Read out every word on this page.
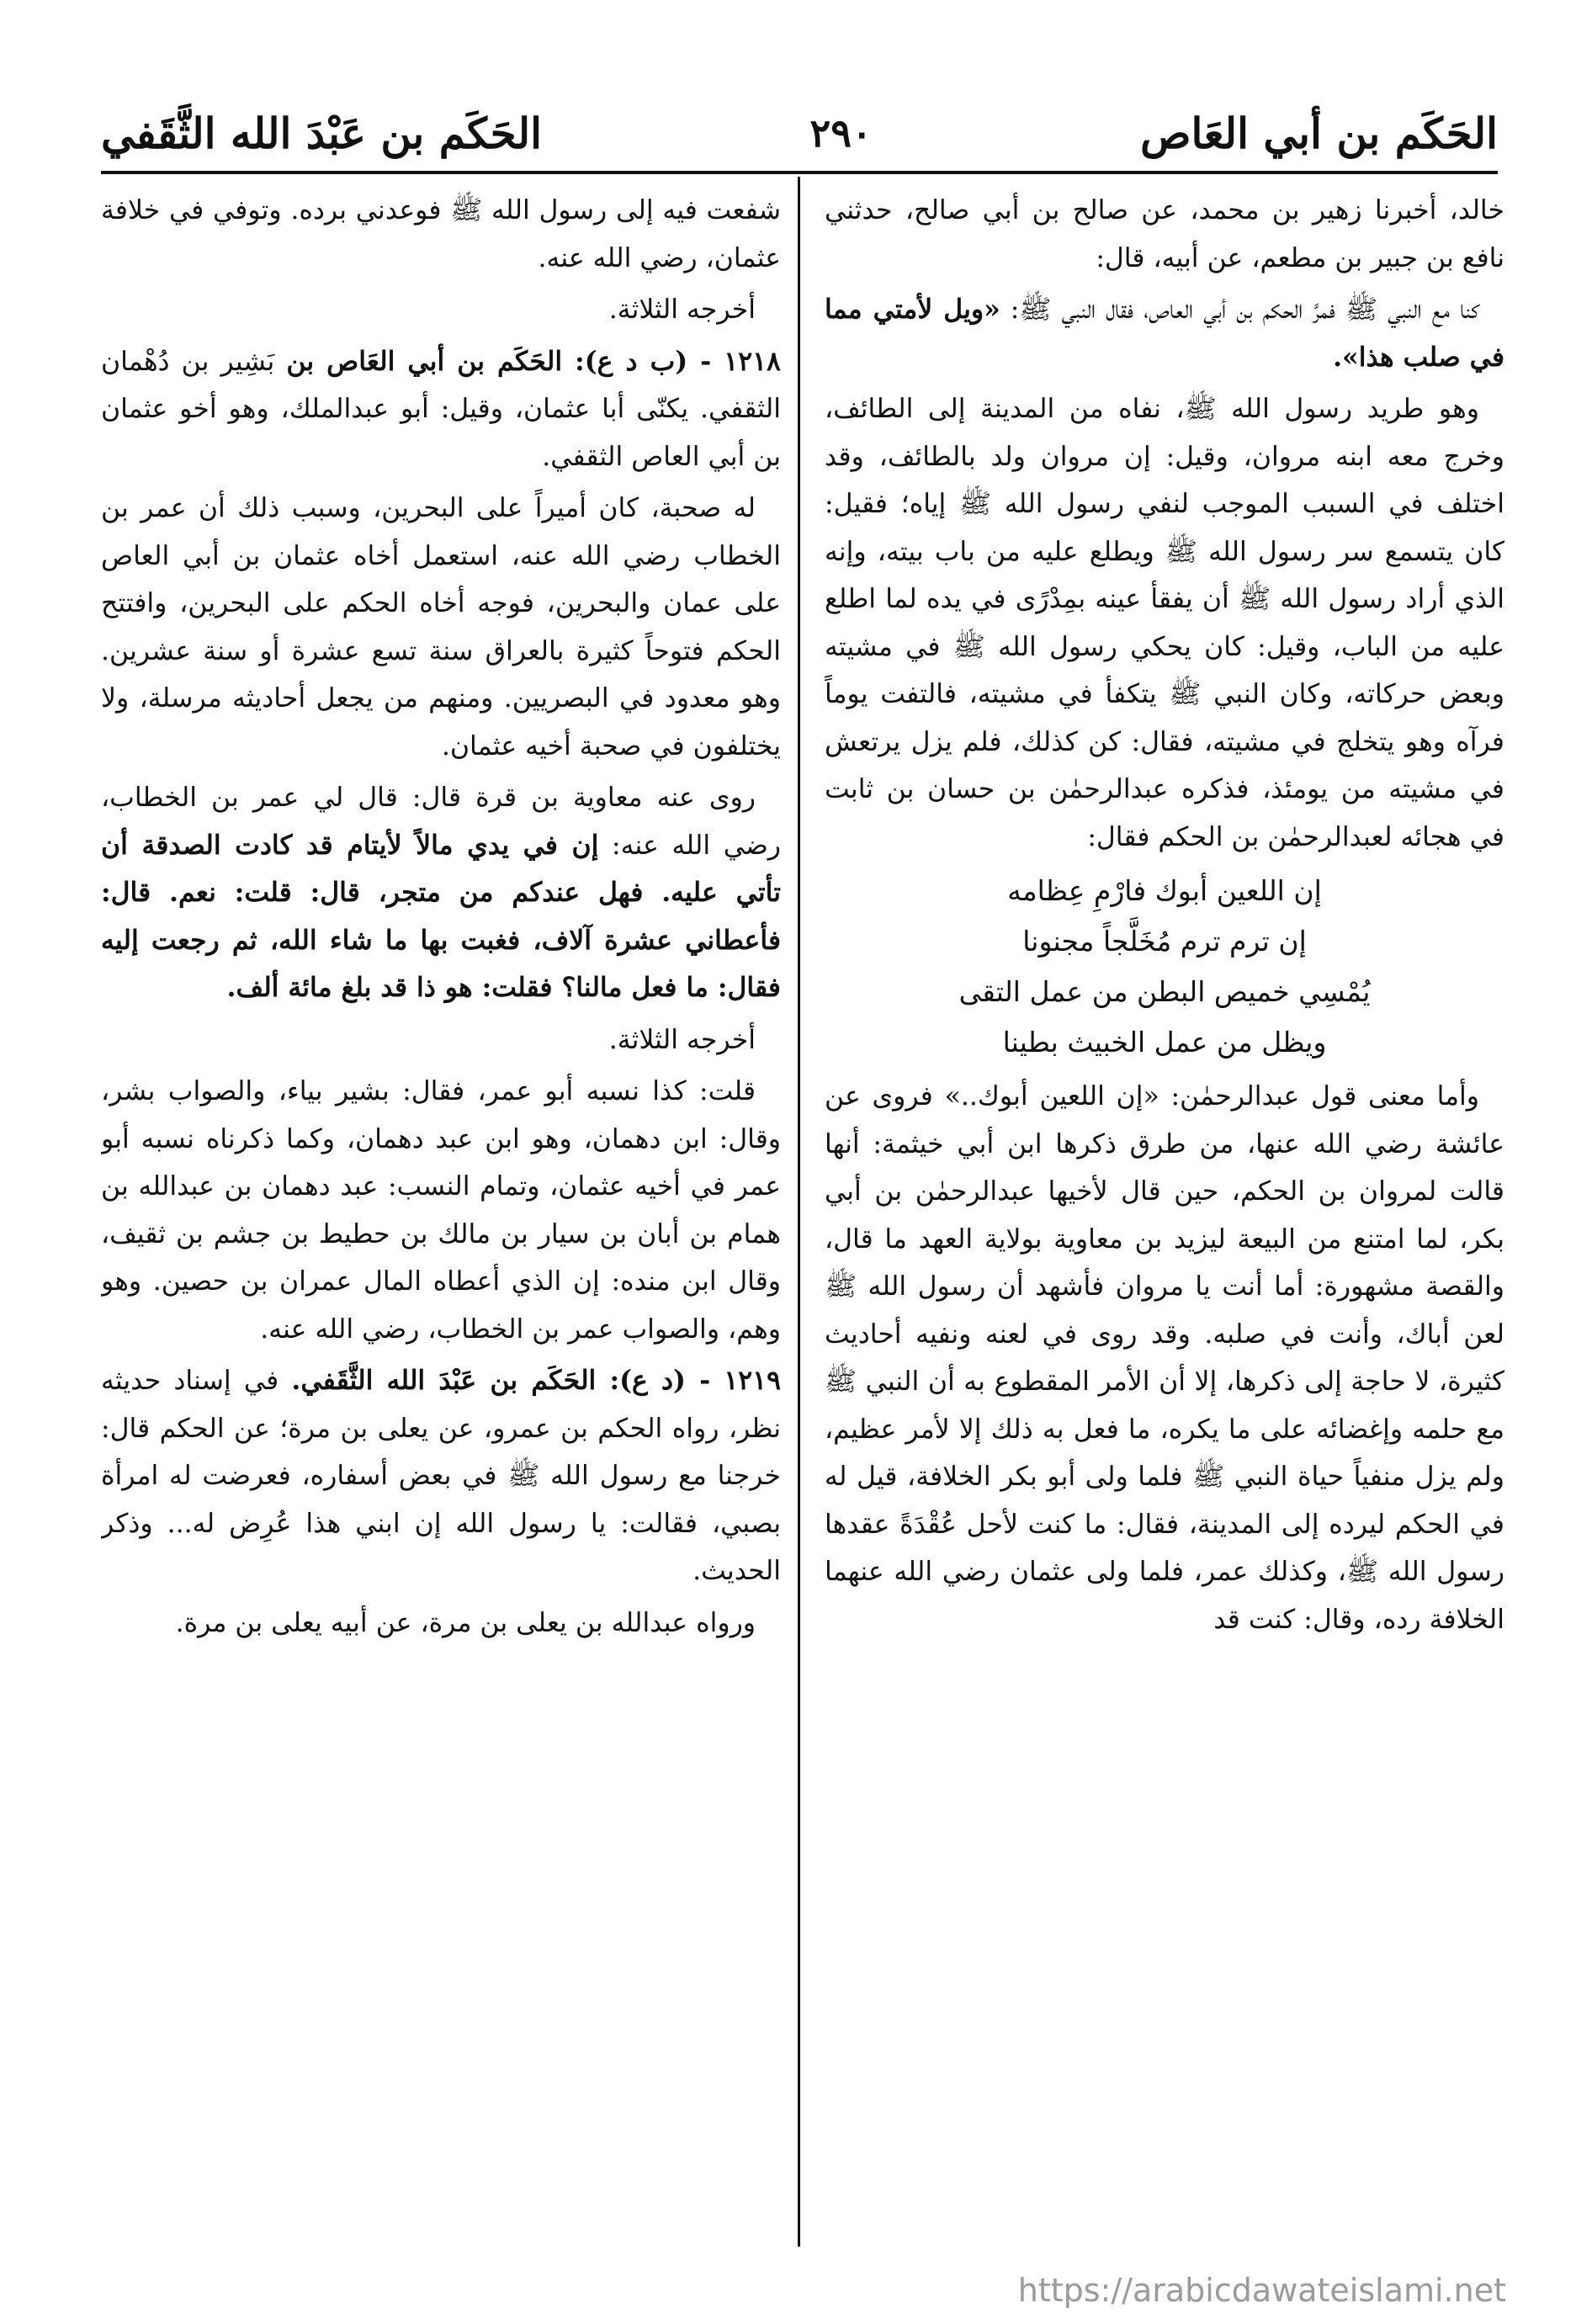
الحَكَم بن أبي العَاص
٢٩٠
الحَكَم بن عَبْدَ الله الثَّقَفي

خالد، أخبرنا زهير بن محمد، عن صالح بن أبي صالح، حدثني نافع بن جبير بن مطعم، عن أبيه، قال:

كنا مع النبي ﷺ فمرَّ الحكم بن أبي العاص، فقال النبي ﷺ: «ويل لأمتي مما في صلب هذا».

وهو طريد رسول الله ﷺ، نفاه من المدينة إلى الطائف، وخرج معه ابنه مروان، وقيل: إن مروان ولد بالطائف، وقد اختلف في السبب الموجب لنفي رسول الله ﷺ إياه؛ فقيل: كان يتسمع سر رسول الله ﷺ ويطلع عليه من باب بيته، وإنه الذي أراد رسول الله ﷺ أن يفقأ عينه بمِدْرًى في يده لما اطلع عليه من الباب، وقيل: كان يحكي رسول الله ﷺ في مشيته وبعض حركاته، وكان النبي ﷺ يتكفأ في مشيته، فالتفت يوماً فرآه وهو يتخلج في مشيته، فقال: كن كذلك، فلم يزل يرتعش في مشيته من يومئذ، فذكره عبدالرحمٰن بن حسان بن ثابت في هجائه لعبدالرحمٰن بن الحكم فقال:

إن اللعين أبوك فارْمِ عِظامه
إن ترم ترم مُخَلَّجاً مجنونا
يُمْسِي خميص البطن من عمل التقى
ويظل من عمل الخبيث بطينا

وأما معنى قول عبدالرحمٰن: «إن اللعين أبوك..» فروى عن عائشة رضي الله عنها، من طرق ذكرها ابن أبي خيثمة: أنها قالت لمروان بن الحكم، حين قال لأخيها عبدالرحمٰن بن أبي بكر، لما امتنع من البيعة ليزيد بن معاوية بولاية العهد ما قال، والقصة مشهورة: أما أنت يا مروان فأشهد أن رسول الله ﷺ لعن أباك، وأنت في صلبه. وقد روى في لعنه ونفيه أحاديث كثيرة، لا حاجة إلى ذكرها، إلا أن الأمر المقطوع به أن النبي ﷺ مع حلمه وإغضائه على ما يكره، ما فعل به ذلك إلا لأمر عظيم، ولم يزل منفياً حياة النبي ﷺ فلما ولى أبو بكر الخلافة، قيل له في الحكم ليرده إلى المدينة، فقال: ما كنت لأحل عُقْدَةً عقدها رسول الله ﷺ، وكذلك عمر، فلما ولى عثمان رضي الله عنهما الخلافة رده، وقال: كنت قد

شفعت فيه إلى رسول الله ﷺ فوعدني برده. وتوفي في خلافة عثمان، رضي الله عنه.

أخرجه الثلاثة.

١٢١٨ - (ب د ع): الحَكَم بن أبي العَاص بن بَشِير بن دُهْمان الثقفي. يكنّى أبا عثمان، وقيل: أبو عبدالملك، وهو أخو عثمان بن أبي العاص الثقفي.

له صحبة، كان أميراً على البحرين، وسبب ذلك أن عمر بن الخطاب رضي الله عنه، استعمل أخاه عثمان بن أبي العاص على عمان والبحرين، فوجه أخاه الحكم على البحرين، وافتتح الحكم فتوحاً كثيرة بالعراق سنة تسع عشرة أو سنة عشرين. وهو معدود في البصريين. ومنهم من يجعل أحاديثه مرسلة، ولا يختلفون في صحبة أخيه عثمان.

روى عنه معاوية بن قرة قال: قال لي عمر بن الخطاب، رضي الله عنه: إن في يدي مالاً لأيتام قد كادت الصدقة أن تأتي عليه. فهل عندكم من متجر، قال: قلت: نعم. قال: فأعطاني عشرة آلاف، فغبت بها ما شاء الله، ثم رجعت إليه فقال: ما فعل مالنا؟ فقلت: هو ذا قد بلغ مائة ألف.

أخرجه الثلاثة.

قلت: كذا نسبه أبو عمر، فقال: بشير بياء، والصواب بشر، وقال: ابن دهمان، وهو ابن عبد دهمان، وكما ذكرناه نسبه أبو عمر في أخيه عثمان، وتمام النسب: عبد دهمان بن عبدالله بن همام بن أبان بن سيار بن مالك بن حطيط بن جشم بن ثقيف، وقال ابن منده: إن الذي أعطاه المال عمران بن حصين. وهو وهم، والصواب عمر بن الخطاب، رضي الله عنه.

١٢١٩ - (د ع): الحَكَم بن عَبْدَ الله الثَّقَفي. في إسناد حديثه نظر، رواه الحكم بن عمرو، عن يعلى بن مرة؛ عن الحكم قال: خرجنا مع رسول الله ﷺ في بعض أسفاره، فعرضت له امرأة بصبي، فقالت: يا رسول الله إن ابني هذا عُرِض له... وذكر الحديث.

ورواه عبدالله بن يعلى بن مرة، عن أبيه يعلى بن مرة.

https://arabicdawateislami.net
